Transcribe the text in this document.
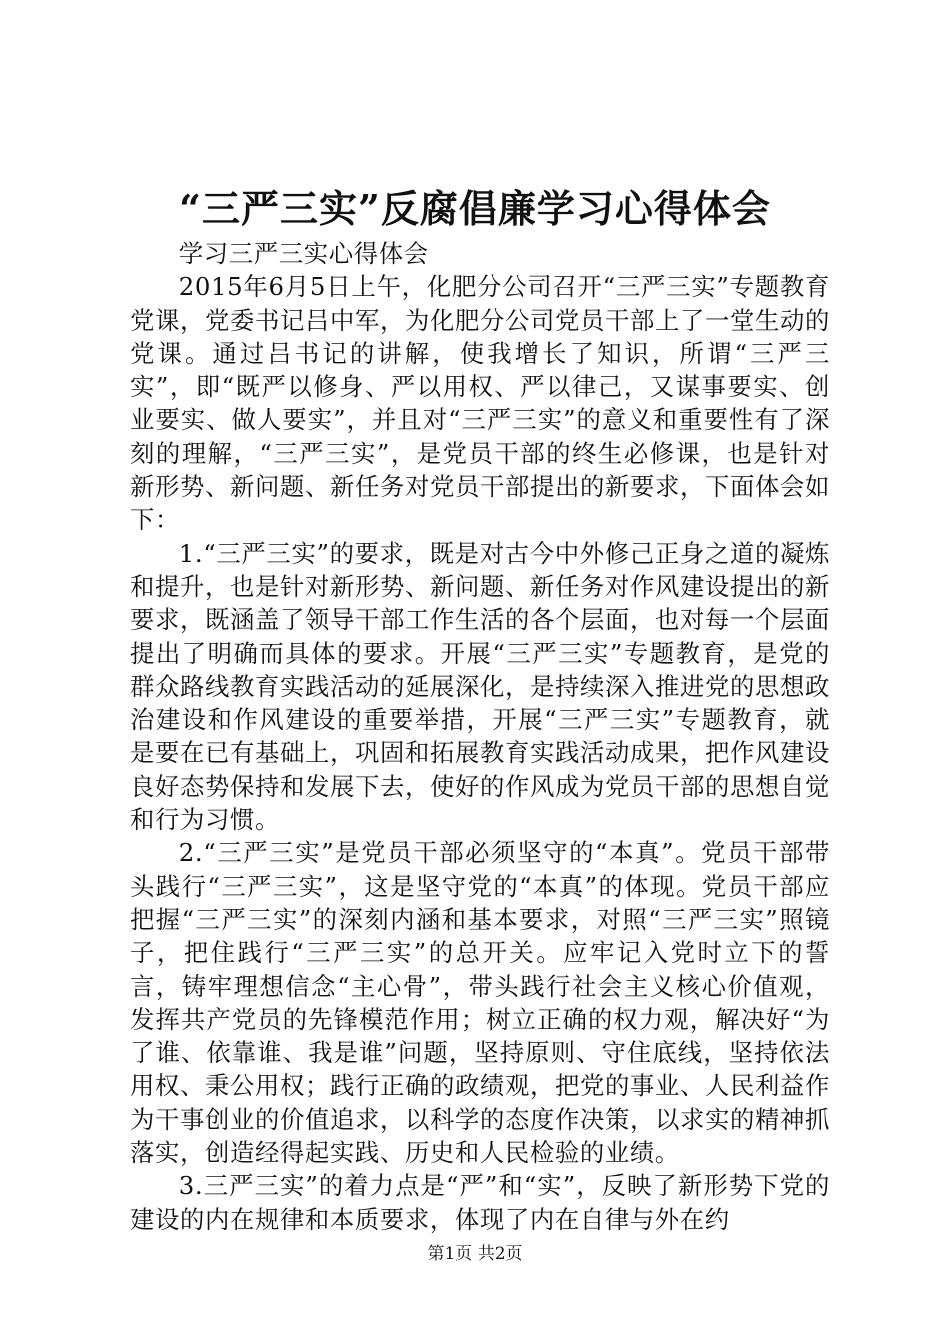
“三严三实”反腐倡廉学习心得体会

学习三严三实心得体会

2015年6月5日上午，化肥分公司召开“三严三实”专题教育党课，党委书记吕中军，为化肥分公司党员干部上了一堂生动的党课。通过吕书记的讲解，使我增长了知识，所谓“三严三实”，即“既严以修身、严以用权、严以律己，又谋事要实、创业要实、做人要实”，并且对“三严三实”的意义和重要性有了深刻的理解，“三严三实”，是党员干部的终生必修课，也是针对新形势、新问题、新任务对党员干部提出的新要求，下面体会如下：

1.“三严三实”的要求，既是对古今中外修己正身之道的凝炼和提升，也是针对新形势、新问题、新任务对作风建设提出的新要求，既涵盖了领导干部工作生活的各个层面，也对每一个层面提出了明确而具体的要求。开展“三严三实”专题教育，是党的群众路线教育实践活动的延展深化，是持续深入推进党的思想政治建设和作风建设的重要举措，开展“三严三实”专题教育，就是要在已有基础上，巩固和拓展教育实践活动成果，把作风建设良好态势保持和发展下去，使好的作风成为党员干部的思想自觉和行为习惯。

2.“三严三实”是党员干部必须坚守的“本真”。党员干部带头践行“三严三实”，这是坚守党的“本真”的体现。党员干部应把握“三严三实”的深刻内涵和基本要求，对照“三严三实”照镜子，把住践行“三严三实”的总开关。应牢记入党时立下的誓言，铸牢理想信念“主心骨”，带头践行社会主义核心价值观，发挥共产党员的先锋模范作用；树立正确的权力观，解决好“为了谁、依靠谁、我是谁”问题，坚持原则、守住底线，坚持依法用权、秉公用权；践行正确的政绩观，把党的事业、人民利益作为干事创业的价值追求，以科学的态度作决策，以求实的精神抓落实，创造经得起实践、历史和人民检验的业绩。

3.三严三实”的着力点是“严”和“实”，反映了新形势下党的建设的内在规律和本质要求，体现了内在自律与外在约

第1页 共2页
